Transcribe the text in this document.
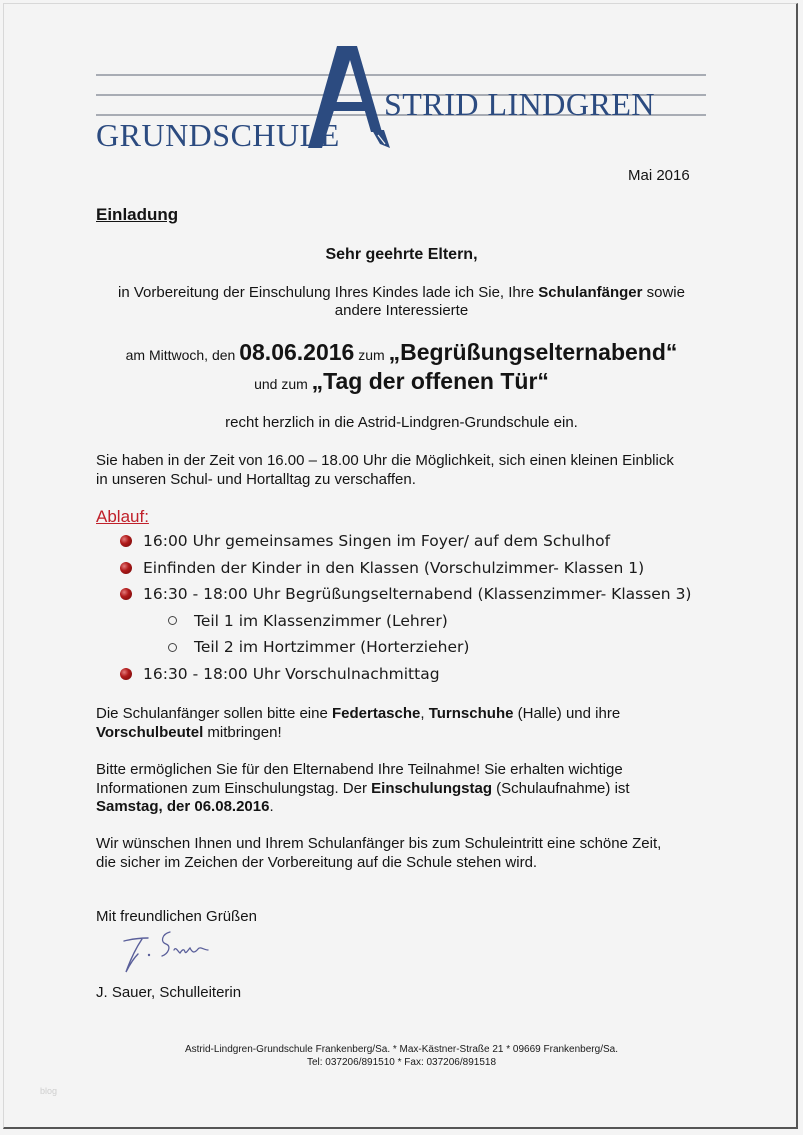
STRID LINDGREN
GRUNDSCHULE
Mai 2016
Einladung
Sehr geehrte Eltern,
in Vorbereitung der Einschulung Ihres Kindes lade ich Sie, Ihre Schulanfänger sowie
andere Interessierte
am Mittwoch, den 08.06.2016 zum „Begrüßungselternabend“
und zum „Tag der offenen Tür“
recht herzlich in die Astrid-Lindgren-Grundschule ein.
Sie haben in der Zeit von 16.00 – 18.00 Uhr die Möglichkeit, sich einen kleinen Einblick
in unseren Schul- und Hortalltag zu verschaffen.
Ablauf:
16:00 Uhr gemeinsames Singen im Foyer/ auf dem Schulhof
Einfinden der Kinder in den Klassen (Vorschulzimmer- Klassen 1)
16:30 - 18:00 Uhr Begrüßungselternabend (Klassenzimmer- Klassen 3)
Teil 1 im Klassenzimmer (Lehrer)
Teil 2 im Hortzimmer (Horterzieher)
16:30 - 18:00 Uhr Vorschulnachmittag
Die Schulanfänger sollen bitte eine Federtasche, Turnschuhe (Halle) und ihre
Vorschulbeutel mitbringen!
Bitte ermöglichen Sie für den Elternabend Ihre Teilnahme! Sie erhalten wichtige
Informationen zum Einschulungstag. Der Einschulungstag (Schulaufnahme) ist
Samstag, der 06.08.2016.
Wir wünschen Ihnen und Ihrem Schulanfänger bis zum Schuleintritt eine schöne Zeit,
die sicher im Zeichen der Vorbereitung auf die Schule stehen wird.
Mit freundlichen Grüßen
J. Sauer, Schulleiterin
Astrid-Lindgren-Grundschule Frankenberg/Sa. * Max-Kästner-Straße 21 * 09669 Frankenberg/Sa.
Tel: 037206/891510 * Fax: 037206/891518
blog
